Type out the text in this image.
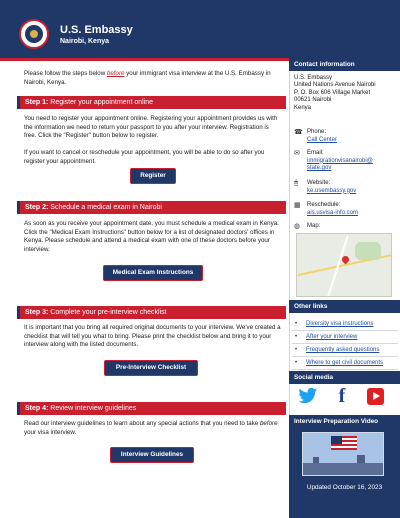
U.S. Embassy
Nairobi, Kenya
Please follow the steps below before your immigrant visa interview at the U.S. Embassy in Nairobi, Kenya.
Step 1: Register your appointment online
You need to register your appointment online. Registering your appointment provides us with the information we need to return your passport to you after your interview. Registration is free. Click the "Register" button below to register.
If you want to cancel or reschedule your appointment, you will be able to do so after you register your appointment.
Register
Step 2: Schedule a medical exam in Nairobi
As soon as you receive your appointment date, you must schedule a medical exam in Kenya. Click the "Medical Exam Instructions" button below for a list of designated doctors' offices in Kenya. Please schedule and attend a medical exam with one of these doctors before your interview.
Medical Exam Instructions
Step 3: Complete your pre-interview checklist
It is important that you bring all required original documents to your interview. We've created a checklist that will tell you what to bring. Please print the checklist below and bring it to your interview along with the listed documents.
Pre-Interview Checklist
Step 4: Review interview guidelines
Read our interview guidelines to learn about any special actions that you need to take before your visa interview.
Interview Guidelines
Contact information
U.S. Embassy
United Nations Avenue Nairobi
P. O. Box 606 Village Market
00621 Nairobi
Kenya
☎ Phone:
Call Center
✉	Email:
immigrationvisanairobi@
state.gov
🖱	Website:
ke.usembassy.gov
▦	Reschedule:
ais.usvisa-info.com
◍	Map:
Other links
• Diversity visa instructions
• After your interview
• Frequently asked questions
• Where to get civil documents
Social media
f
Interview Preparation Video
Updated October 16, 2023
